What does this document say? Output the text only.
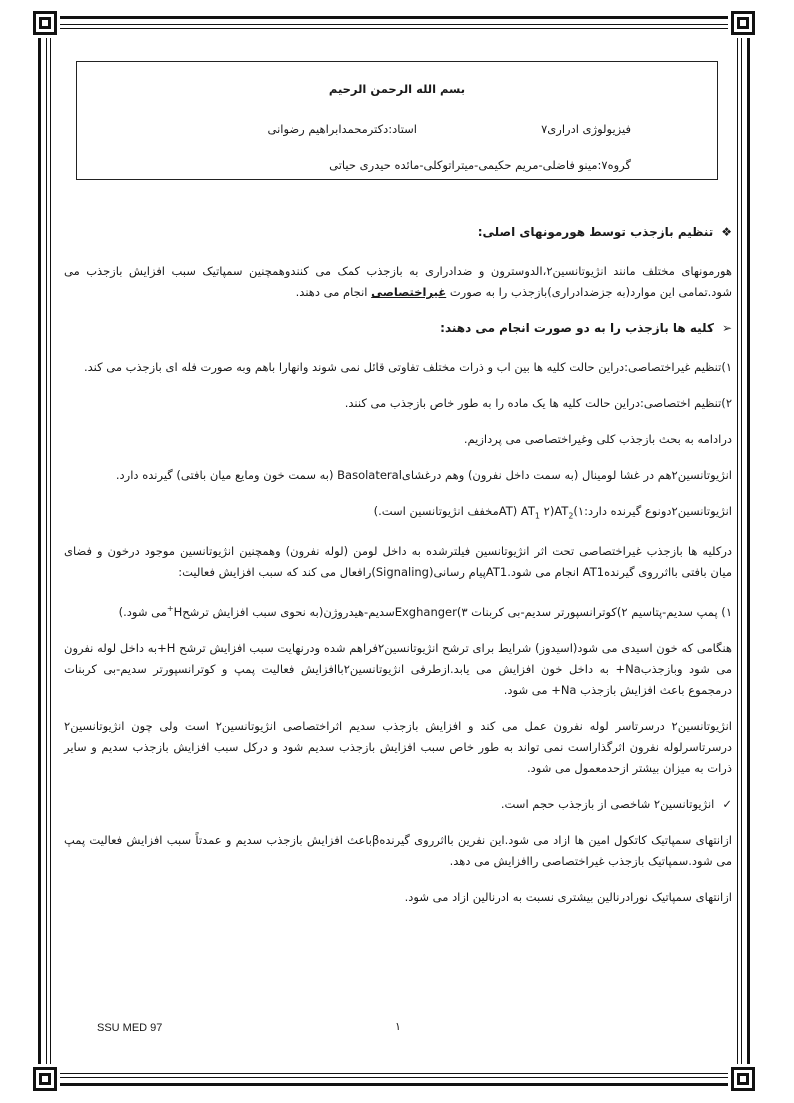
بسم الله الرحمن الرحیم
فیزیولوژی ادراری۷
استاد:دکترمحمدابراهیم رضوانی
گروه۷:مینو فاضلی-مریم حکیمی-میتراتوکلی-مائده حیدری حیاتی
❖تنظیم بازجذب توسط هورمونهای اصلی:

هورمونهای مختلف مانند انژیوتانسین۲،الدوسترون و ضدادراری به بازجذب کمک می کنندوهمچنین سمپاتیک سبب افزایش بازجذب می شود.تمامی این موارد(به جزضدادراری)بازجذب را به صورت غیراختصاصی انجام می دهند.

➢کلیه ها بازجذب را به دو صورت انجام می دهند:

۱)تنظیم غیراختصاصی:دراین حالت کلیه ها بین اب و ذرات مختلف تفاوتی قائل نمی شوند وانهارا باهم وبه صورت فله ای بازجذب می کند.

۲)تنظیم اختصاصی:دراین حالت کلیه ها یک ماده را به طور خاص بازجذب می کنند.

درادامه به بحث بازجذب کلی وغیراختصاصی می پردازیم.

انژیوتانسین۲هم در غشا لومینال (به سمت داخل نفرون) وهم درغشایBasolateral (به سمت خون ومایع میان بافتی) گیرنده دارد.

انژیوتانسین۲دونوع گیرنده $دارد:۱)AT_1$ $۲)AT_2$ (ATمخفف انژیوتانسین است.)

درکلیه ها بازجذب غیراختصاصی تحت اثر انژیوتانسین فیلترشده به داخل لومن (لوله نفرون) وهمچنین انژیوتانسین موجود درخون و فضای میان بافتی بااثرروی گیرندهAT1 انجام می شود.AT1پیام رسانی(Signaling)رافعال می کند که سبب افزایش فعالیت:

۱) پمپ سدیم-پتاسیم ۲)کوترانسپورتر سدیم-بی کربنات ۳)Exghangerسدیم-هیدروژن(به نحوی سبب افزایش ترشحH+می شود.)

هنگامی که خون اسیدی می شود(اسیدوز) شرایط برای ترشح انژیوتانسین۲فراهم شده ودرنهایت سبب افزایش ترشح H+به داخل لوله نفرون می شود وبازجذبNa+ به داخل خون افزایش می یابد.ازطرفی انژیوتانسین۲باافزایش فعالیت پمپ و کوترانسپورتر سدیم-بی کربنات درمجموع باعث افزایش بازجذب Na+ می شود.

انژیوتانسین۲ درسرتاسر لوله نفرون عمل می کند و افزایش بازجذب سدیم اثراختصاصی انژیوتانسین۲ است ولی چون انژیوتانسین۲ درسرتاسرلوله نفرون اثرگذاراست نمی تواند به طور خاص سبب افزایش بازجذب سدیم شود و درکل سبب افزایش بازجذب سدیم و سایر ذرات به میزان بیشتر ازحدمعمول می شود.

✓انژیوتانسین۲ شاخصی از بازجذب حجم است.

ازانتهای سمپاتیک کاتکول امین ها ازاد می شود.این نفرین بااثرروی گیرندهβباعث افزایش بازجذب سدیم و عمدتاً سبب افزایش فعالیت پمپ می شود.سمپاتیک بازجذب غیراختصاصی راافزایش می دهد.

ازانتهای سمپاتیک نورادرنالین بیشتری نسبت به ادرنالین ازاد می شود.

SSU MED 97	۱
